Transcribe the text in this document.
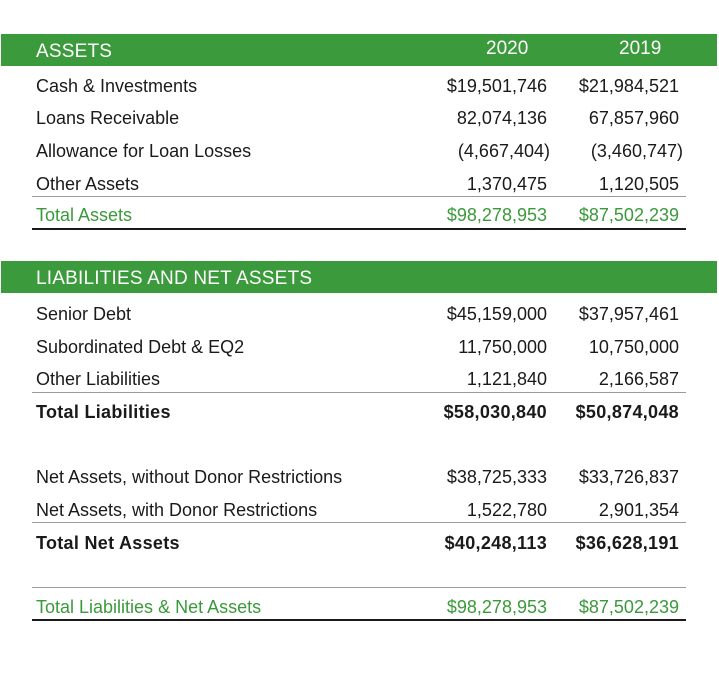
ASSETS	2020	2019
Cash & Investments	$19,501,746 $21,984,521
Loans Receivable	82,074,136 67,857,960
Allowance for Loan Losses	(4,667,404) (3,460,747)
Other Assets	1,370,475	1,120,505
Total Assets	$98,278,953 $87,502,239
LIABILITIES AND NET ASSETS
Senior Debt	$45,159,000 $37,957,461
Subordinated Debt & EQ2	11,750,000 10,750,000
Other Liabilities	1,121,840	2,166,587
Total Liabilities	$58,030,840 $50,874,048
Net Assets, without Donor Restrictions	$38,725,333 $33,726,837
Net Assets, with Donor Restrictions	1,522,780	2,901,354
Total Net Assets	$40,248,113 $36,628,191
Total Liabilities & Net Assets	$98,278,953 $87,502,239
